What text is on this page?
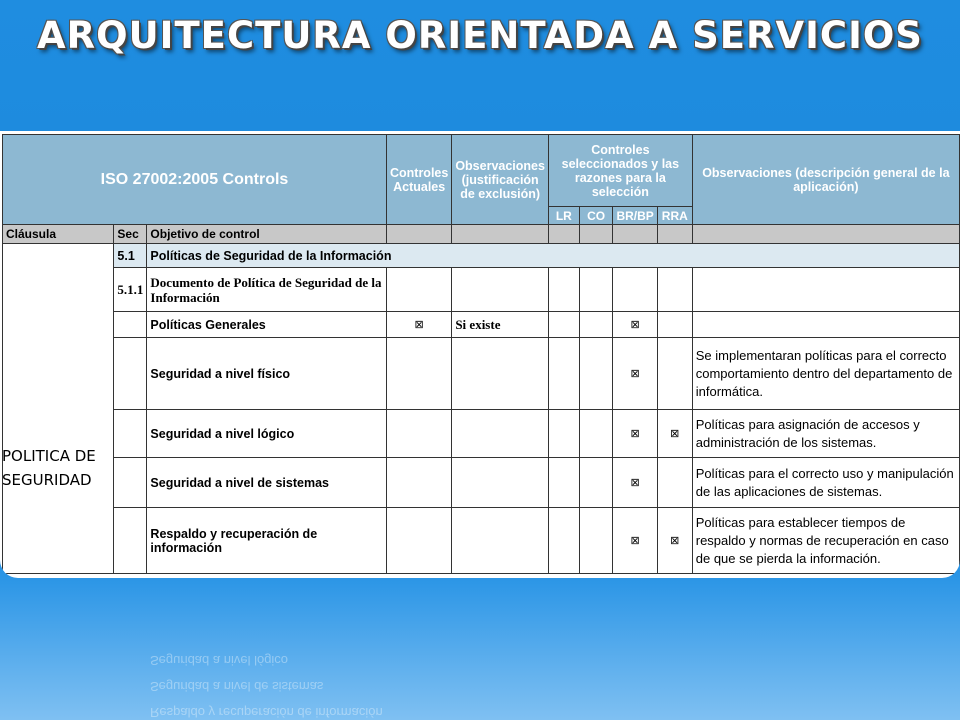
ARQUITECTURA ORIENTADA A SERVICIOS
ISO 27002:2005 Controls			Controles Actuales	Observaciones (justificación de exclusión)	Controles seleccionados y las razones para la selección				Observaciones (descripción general de la aplicación)
					LR	CO	BR/BP	RRA	
Cláusula	Sec	Objetivo de control							
	5.1	Políticas de Seguridad de la Información							
	5.1.1	Documento de Política de Seguridad de la Información							
		Políticas Generales	⊠	Si existe			⊠		
		Seguridad a nivel físico					⊠		Se implementaran políticas para el correcto comportamiento dentro del departamento de informática.
		Seguridad a nivel lógico					⊠	⊠	Políticas para asignación de accesos y administración de los sistemas.
		Seguridad a nivel de sistemas					⊠		Políticas para el correcto uso y manipulación de las aplicaciones de sistemas.
		Respaldo y recuperación de información					⊠	⊠	Políticas para establecer tiempos de respaldo y normas de recuperación en caso de que se pierda la información.
POLITICA DE SEGURIDAD
Respaldo y recuperación de información
Seguridad a nivel de sistemas
Seguridad a nivel lógico
